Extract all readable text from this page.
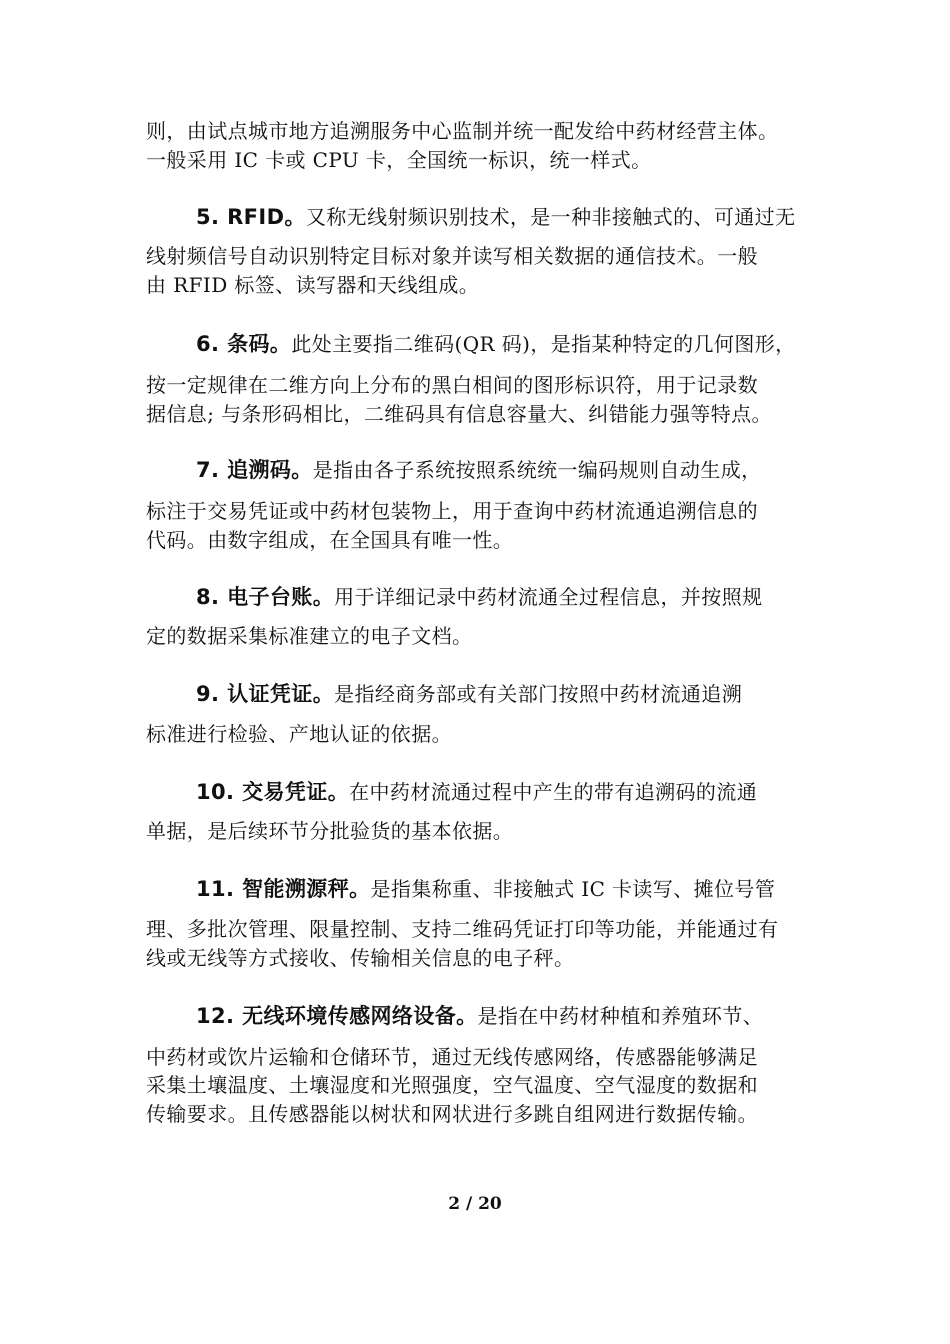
则，由试点城市地方追溯服务中心监制并统一配发给中药材经营主体。
一般采用 IC 卡或 CPU 卡，全国统一标识，统一样式。
5. RFID。又称无线射频识别技术，是一种非接触式的、可通过无
线射频信号自动识别特定目标对象并读写相关数据的通信技术。一般
由 RFID 标签、读写器和天线组成。
6. 条码。此处主要指二维码(QR 码)，是指某种特定的几何图形，
按一定规律在二维方向上分布的黑白相间的图形标识符，用于记录数
据信息; 与条形码相比，二维码具有信息容量大、纠错能力强等特点。
7. 追溯码。是指由各子系统按照系统统一编码规则自动生成，
标注于交易凭证或中药材包装物上，用于查询中药材流通追溯信息的
代码。由数字组成，在全国具有唯一性。
8. 电子台账。用于详细记录中药材流通全过程信息，并按照规
定的数据采集标准建立的电子文档。
9. 认证凭证。是指经商务部或有关部门按照中药材流通追溯
标准进行检验、产地认证的依据。
10. 交易凭证。在中药材流通过程中产生的带有追溯码的流通
单据，是后续环节分批验货的基本依据。
11. 智能溯源秤。是指集称重、非接触式 IC 卡读写、摊位号管
理、多批次管理、限量控制、支持二维码凭证打印等功能，并能通过有
线或无线等方式接收、传输相关信息的电子秤。
12. 无线环境传感网络设备。是指在中药材种植和养殖环节、
中药材或饮片运输和仓储环节，通过无线传感网络，传感器能够满足
采集土壤温度、土壤湿度和光照强度，空气温度、空气湿度的数据和
传输要求。且传感器能以树状和网状进行多跳自组网进行数据传输。
2 / 20
